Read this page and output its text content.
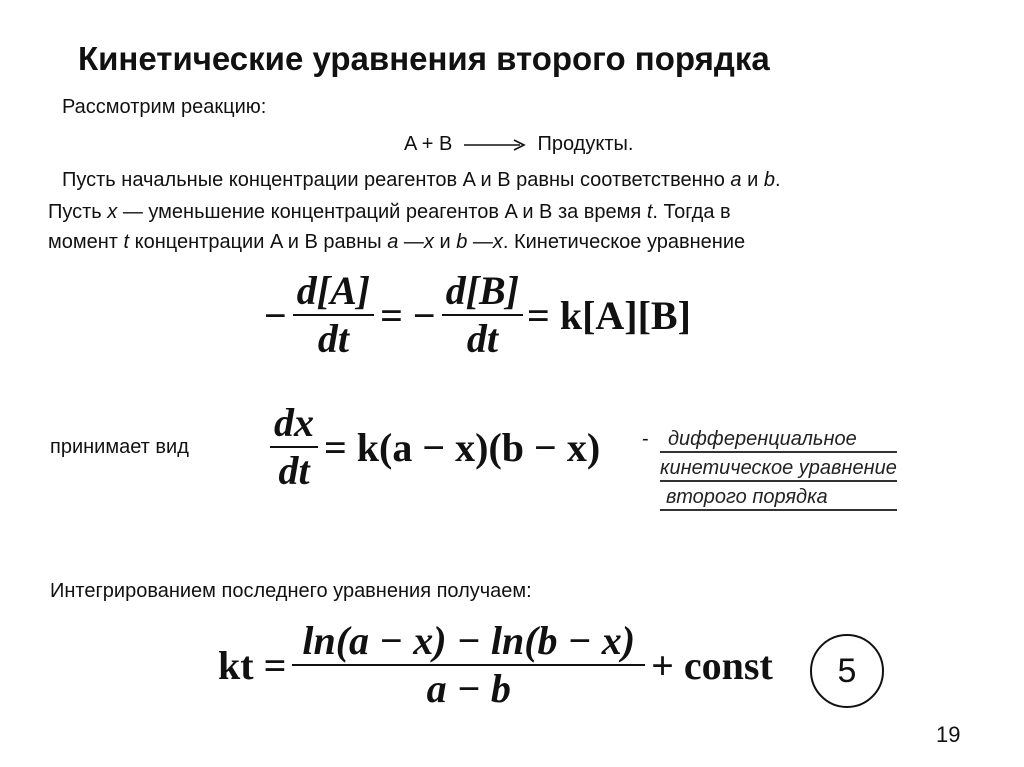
Кинетические уравнения второго порядка
Рассмотрим реакцию:
A + B → Продукты.
Пусть начальные концентрации реагентов A и B равны соответственно a и b.
Пусть x — уменьшение концентраций реагентов A и B за время t. Тогда в
момент t концентрации A и B равны a —x и b —x. Кинетическое уравнение
− $\frac{d[A]}{dt}$ = − $\frac{d[B]}{dt} = k[A][B]$
принимает вид $\frac{dx}{dt} = k(a - x)(b - x)$	- дифференциальное
кинетическое уравнение
второго порядка
Интегрированием последнего уравнения получаем:
kt = $\frac{\ln(a - x) - \ln(b - x)}{a - b}$ + const 5
19
